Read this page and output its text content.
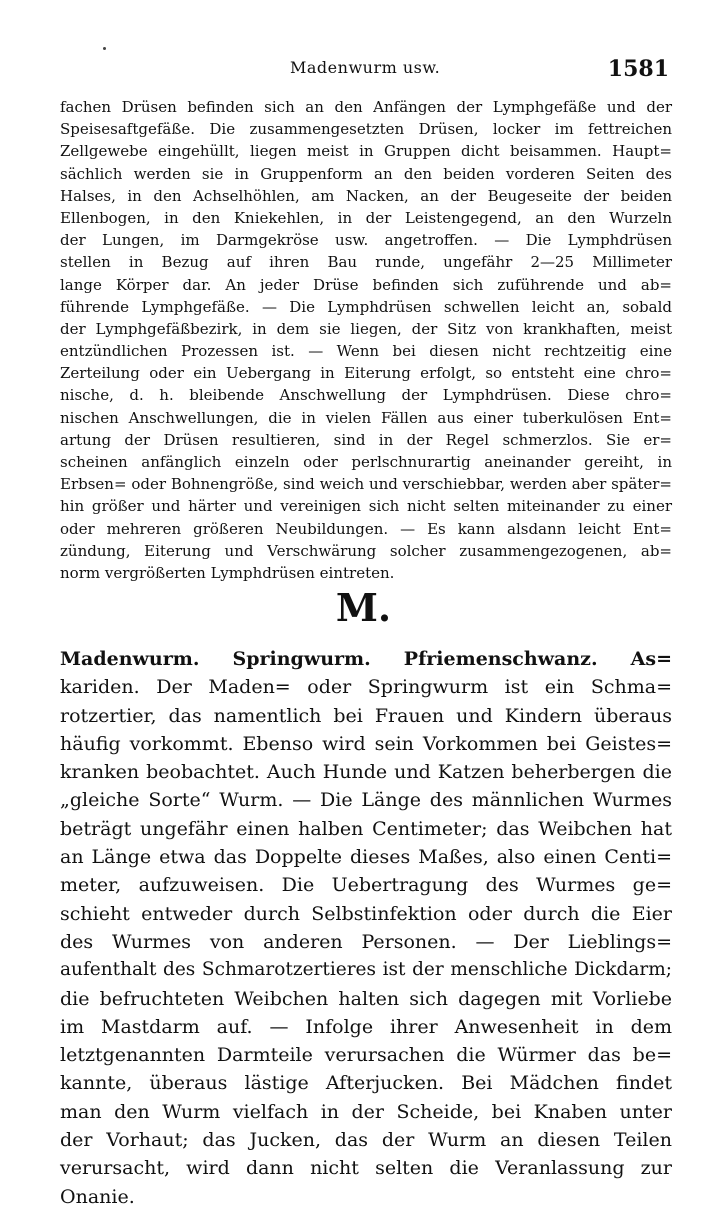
Madenwurm usw.	1581
fachen Drüsen befinden sich an den Anfängen der Lymphgefäße und der
Speisesaftgefäße. Die zusammengesetzten Drüsen, locker im fettreichen
Zellgewebe eingehüllt, liegen meist in Gruppen dicht beisammen. Haupt=
sächlich werden sie in Gruppenform an den beiden vorderen Seiten des
Halses, in den Achselhöhlen, am Nacken, an der Beugeseite der beiden
Ellenbogen, in den Kniekehlen, in der Leistengegend, an den Wurzeln
der Lungen, im Darmgekröse usw. angetroffen. — Die Lymphdrüsen
stellen in Bezug auf ihren Bau runde, ungefähr 2—25 Millimeter
lange Körper dar. An jeder Drüse befinden sich zuführende und ab=
führende Lymphgefäße. — Die Lymphdrüsen schwellen leicht an, sobald
der Lymphgefäßbezirk, in dem sie liegen, der Sitz von krankhaften, meist
entzündlichen Prozessen ist. — Wenn bei diesen nicht rechtzeitig eine
Zerteilung oder ein Uebergang in Eiterung erfolgt, so entsteht eine chro=
nische, d. h. bleibende Anschwellung der Lymphdrüsen. Diese chro=
nischen Anschwellungen, die in vielen Fällen aus einer tuberkulösen Ent=
artung der Drüsen resultieren, sind in der Regel schmerzlos. Sie er=
scheinen anfänglich einzeln oder perlschnurartig aneinander gereiht, in
Erbsen= oder Bohnengröße, sind weich und verschiebbar, werden aber später=
hin größer und härter und vereinigen sich nicht selten miteinander zu einer
oder mehreren größeren Neubildungen. — Es kann alsdann leicht Ent=
zündung, Eiterung und Verschwärung solcher zusammengezogenen, ab=
norm vergrößerten Lymphdrüsen eintreten.
M.
Madenwurm. Springwurm. Pfriemenschwanz. As=
kariden. Der Maden= oder Springwurm ist ein Schma=
rotzertier, das namentlich bei Frauen und Kindern überaus
häufig vorkommt. Ebenso wird sein Vorkommen bei Geistes=
kranken beobachtet. Auch Hunde und Katzen beherbergen die
„gleiche Sorte“ Wurm. — Die Länge des männlichen Wurmes
beträgt ungefähr einen halben Centimeter; das Weibchen hat
an Länge etwa das Doppelte dieses Maßes, also einen Centi=
meter, aufzuweisen. Die Uebertragung des Wurmes ge=
schieht entweder durch Selbstinfektion oder durch die Eier
des Wurmes von anderen Personen. — Der Lieblings=
aufenthalt des Schmarotzertieres ist der menschliche Dickdarm;
die befruchteten Weibchen halten sich dagegen mit Vorliebe
im Mastdarm auf. — Infolge ihrer Anwesenheit in dem
letztgenannten Darmteile verursachen die Würmer das be=
kannte, überaus lästige Afterjucken. Bei Mädchen findet
man den Wurm vielfach in der Scheide, bei Knaben unter
der Vorhaut; das Jucken, das der Wurm an diesen Teilen
verursacht, wird dann nicht selten die Veranlassung zur
Onanie.
